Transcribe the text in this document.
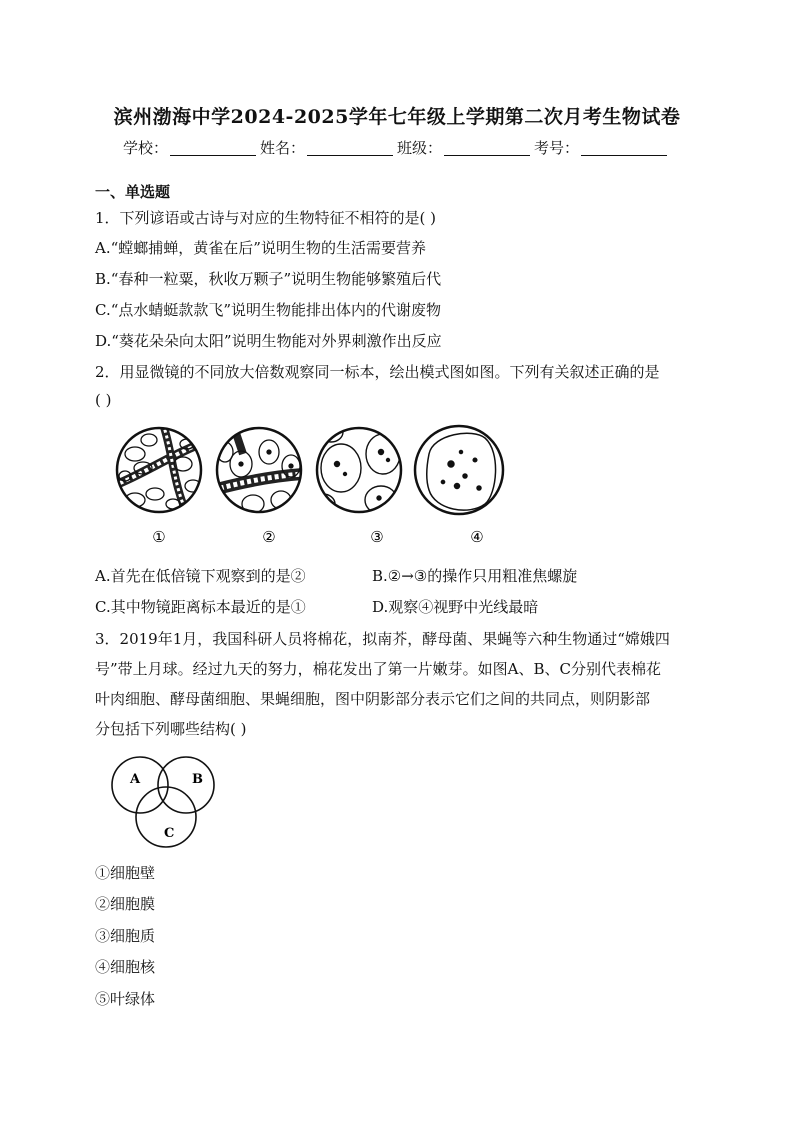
滨州渤海中学2024-2025学年七年级上学期第二次月考生物试卷
学校：	姓名：	班级：	考号：
一、单选题
1．下列谚语或古诗与对应的生物特征不相符的是( )
A.“螳螂捕蝉，黄雀在后”说明生物的生活需要营养
B.“春种一粒粟，秋收万颗子”说明生物能够繁殖后代
C.“点水蜻蜓款款飞”说明生物能排出体内的代谢废物
D.“葵花朵朵向太阳”说明生物能对外界刺激作出反应
2．用显微镜的不同放大倍数观察同一标本，绘出模式图如图。下列有关叙述正确的是
( )
①	②	③	④
A.首先在低倍镜下观察到的是②	B.②→③的操作只用粗准焦螺旋
C.其中物镜距离标本最近的是①	D.观察④视野中光线最暗
3．2019年1月，我国科研人员将棉花，拟南芥，酵母菌、果蝇等六种生物通过“嫦娥四
号”带上月球。经过九天的努力，棉花发出了第一片嫩芽。如图A、B、C分别代表棉花
叶肉细胞、酵母菌细胞、果蝇细胞，图中阴影部分表示它们之间的共同点，则阴影部
分包括下列哪些结构( )
A	B
C
①细胞壁
②细胞膜
③细胞质
④细胞核
⑤叶绿体
